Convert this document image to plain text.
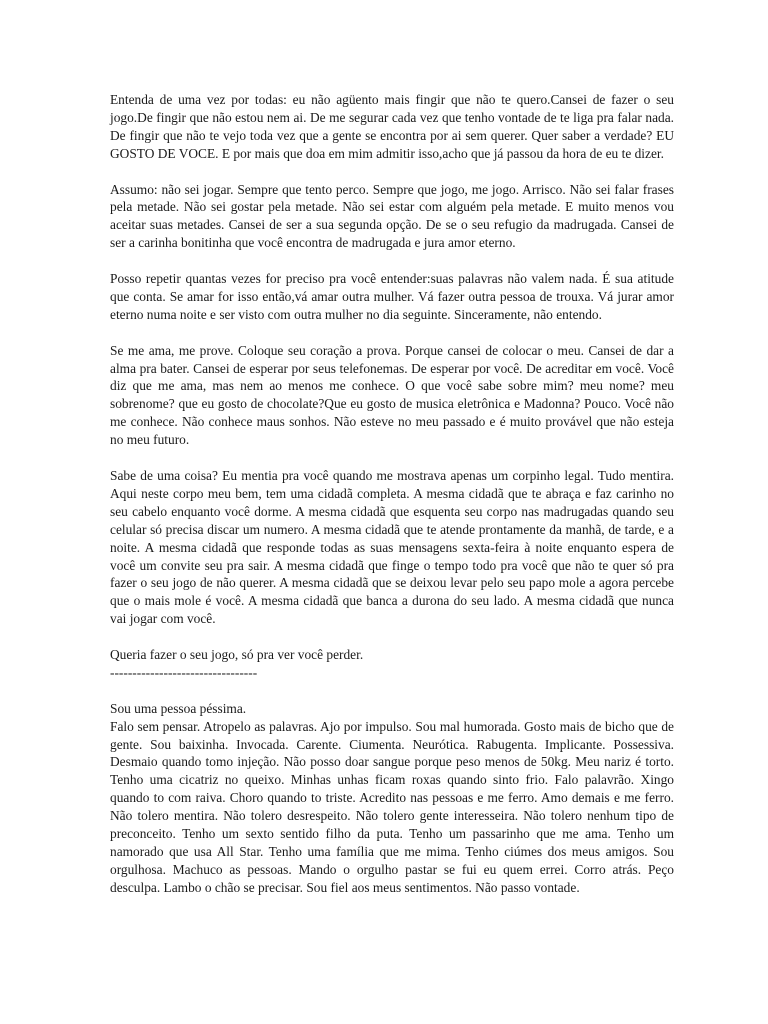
Entenda de uma vez por todas: eu não agüento mais fingir que não te quero.Cansei de fazer o seu jogo.De fingir que não estou nem ai. De me segurar cada vez que tenho vontade de te liga pra falar nada. De fingir que não te vejo toda vez que a gente se encontra por ai sem querer. Quer saber a verdade? EU GOSTO DE VOCE. E por mais que doa em mim admitir isso,acho que já passou da hora de eu te dizer.

Assumo: não sei jogar. Sempre que tento perco. Sempre que jogo, me jogo. Arrisco. Não sei falar frases pela metade. Não sei gostar pela metade. Não sei estar com alguém pela metade. E muito menos vou aceitar suas metades. Cansei de ser a sua segunda opção. De se o seu refugio da madrugada. Cansei de ser a carinha bonitinha que você encontra de madrugada e jura amor eterno.

Posso repetir quantas vezes for preciso pra você entender:suas palavras não valem nada. É sua atitude que conta. Se amar for isso então,vá amar outra mulher. Vá fazer outra pessoa de trouxa. Vá jurar amor eterno numa noite e ser visto com outra mulher no dia seguinte. Sinceramente, não entendo.

Se me ama, me prove. Coloque seu coração a prova. Porque cansei de colocar o meu. Cansei de dar a alma pra bater. Cansei de esperar por seus telefonemas. De esperar por você. De acreditar em você. Você diz que me ama, mas nem ao menos me conhece. O que você sabe sobre mim? meu nome? meu sobrenome? que eu gosto de chocolate?Que eu gosto de musica eletrônica e Madonna? Pouco. Você não me conhece. Não conhece maus sonhos. Não esteve no meu passado e é muito provável que não esteja no meu futuro.

Sabe de uma coisa? Eu mentia pra você quando me mostrava apenas um corpinho legal. Tudo mentira. Aqui neste corpo meu bem, tem uma cidadã completa. A mesma cidadã que te abraça e faz carinho no seu cabelo enquanto você dorme. A mesma cidadã que esquenta seu corpo nas madrugadas quando seu celular só precisa discar um numero. A mesma cidadã que te atende prontamente da manhã, de tarde, e a noite. A mesma cidadã que responde todas as suas mensagens sexta-feira à noite enquanto espera de você um convite seu pra sair. A mesma cidadã que finge o tempo todo pra você que não te quer só pra fazer o seu jogo de não querer. A mesma cidadã que se deixou levar pelo seu papo mole a agora percebe que o mais mole é você. A mesma cidadã que banca a durona do seu lado. A mesma cidadã que nunca vai jogar com você.

Queria fazer o seu jogo, só pra ver você perder.

---------------------------------

Sou uma pessoa péssima.

Falo sem pensar. Atropelo as palavras. Ajo por impulso. Sou mal humorada. Gosto mais de bicho que de gente. Sou baixinha. Invocada. Carente. Ciumenta. Neurótica. Rabugenta. Implicante. Possessiva. Desmaio quando tomo injeção. Não posso doar sangue porque peso menos de 50kg. Meu nariz é torto. Tenho uma cicatriz no queixo. Minhas unhas ficam roxas quando sinto frio. Falo palavrão. Xingo quando to com raiva. Choro quando to triste. Acredito nas pessoas e me ferro. Amo demais e me ferro. Não tolero mentira. Não tolero desrespeito. Não tolero gente interesseira. Não tolero nenhum tipo de preconceito. Tenho um sexto sentido filho da puta. Tenho um passarinho que me ama. Tenho um namorado que usa All Star. Tenho uma família que me mima. Tenho ciúmes dos meus amigos. Sou orgulhosa. Machuco as pessoas. Mando o orgulho pastar se fui eu quem errei. Corro atrás. Peço desculpa. Lambo o chão se precisar. Sou fiel aos meus sentimentos. Não passo vontade.
